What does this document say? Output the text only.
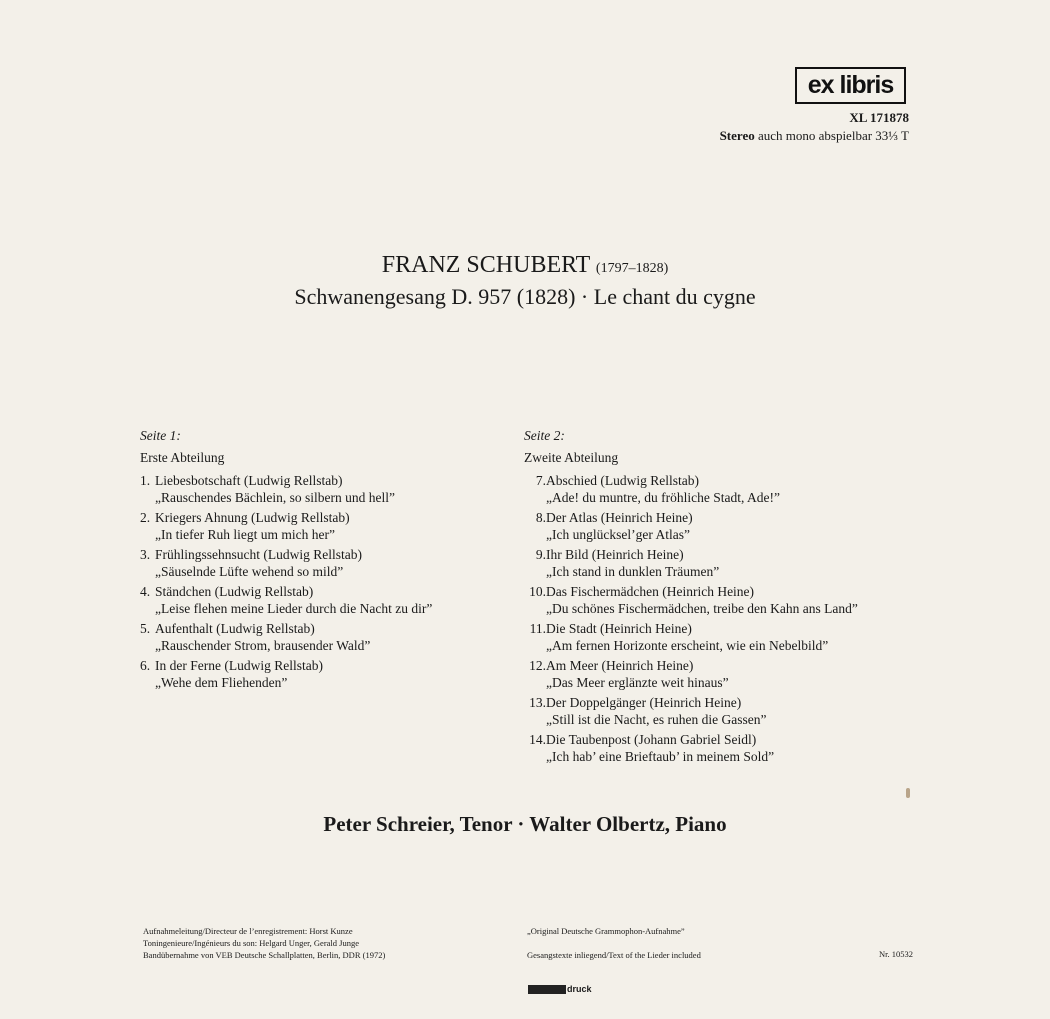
ex libris
XL 171878
Stereo auch mono abspielbar 33⅓ T
FRANZ SCHUBERT (1797–1828)
Schwanengesang D. 957 (1828) · Le chant du cygne
Seite 1:
Erste Abteilung
1. Liebesbotschaft (Ludwig Rellstab)
„Rauschendes Bächlein, so silbern und hell”
2. Kriegers Ahnung (Ludwig Rellstab)
„In tiefer Ruh liegt um mich her”
3. Frühlingssehnsucht (Ludwig Rellstab)
„Säuselnde Lüfte wehend so mild”
4. Ständchen (Ludwig Rellstab)
„Leise flehen meine Lieder durch die Nacht zu dir”
5. Aufenthalt (Ludwig Rellstab)
„Rauschender Strom, brausender Wald”
6. In der Ferne (Ludwig Rellstab)
„Wehe dem Fliehenden”
Seite 2:
Zweite Abteilung
7. Abschied (Ludwig Rellstab)
„Ade! du muntre, du fröhliche Stadt, Ade!”
8. Der Atlas (Heinrich Heine)
„Ich unglücksel’ger Atlas”
9. Ihr Bild (Heinrich Heine)
„Ich stand in dunklen Träumen”
10. Das Fischermädchen (Heinrich Heine)
„Du schönes Fischermädchen, treibe den Kahn ans Land”
11. Die Stadt (Heinrich Heine)
„Am fernen Horizonte erscheint, wie ein Nebelbild”
12. Am Meer (Heinrich Heine)
„Das Meer erglänzte weit hinaus”
13. Der Doppelgänger (Heinrich Heine)
„Still ist die Nacht, es ruhen die Gassen”
14. Die Taubenpost (Johann Gabriel Seidl)
„Ich hab’ eine Brieftaub’ in meinem Sold”
Peter Schreier, Tenor · Walter Olbertz, Piano
Aufnahmeleitung/Directeur de l’enregistrement: Horst Kunze
Toningenieure/Ingénieurs du son: Helgard Unger, Gerald Junge
Bandübernahme von VEB Deutsche Schallplatten, Berlin, DDR (1972)
„Original Deutsche Grammophon-Aufnahme”
Gesangstexte inliegend/Text of the Lieder included	Nr. 10532
druck
